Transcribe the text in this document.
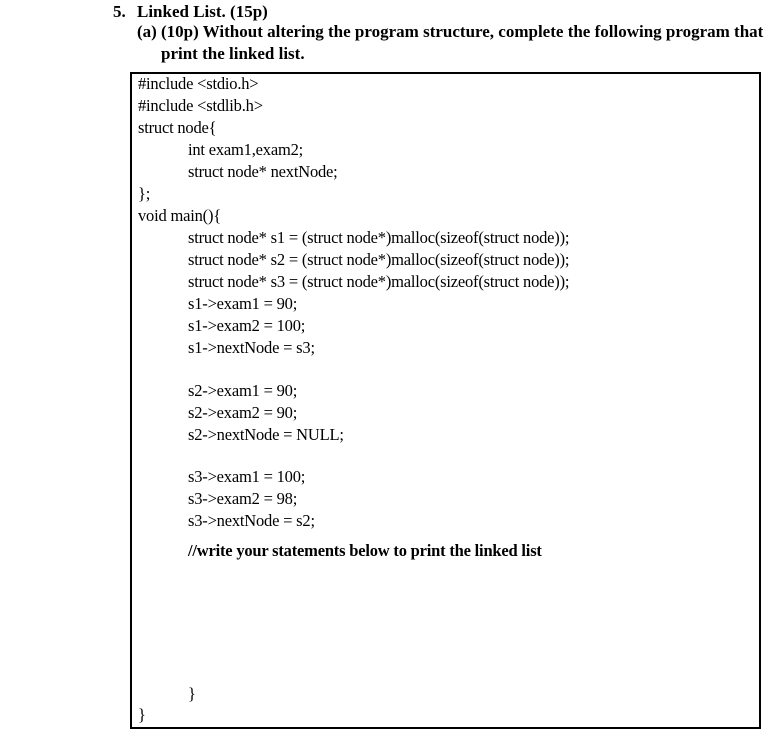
5. Linked List. (15p)
(a) (10p) Without altering the program structure, complete the following program that
print the linked list.
#include <stdio.h>
#include <stdlib.h>
struct node{
int exam1,exam2;
struct node* nextNode;
};
void main(){
struct node* s1 = (struct node*)malloc(sizeof(struct node));
struct node* s2 = (struct node*)malloc(sizeof(struct node));
struct node* s3 = (struct node*)malloc(sizeof(struct node));
s1->exam1 = 90;
s1->exam2 = 100;
s1->nextNode = s3;
s2->exam1 = 90;
s2->exam2 = 90;
s2->nextNode = NULL;
s3->exam1 = 100;
s3->exam2 = 98;
s3->nextNode = s2;
//write your statements below to print the linked list
}
}
